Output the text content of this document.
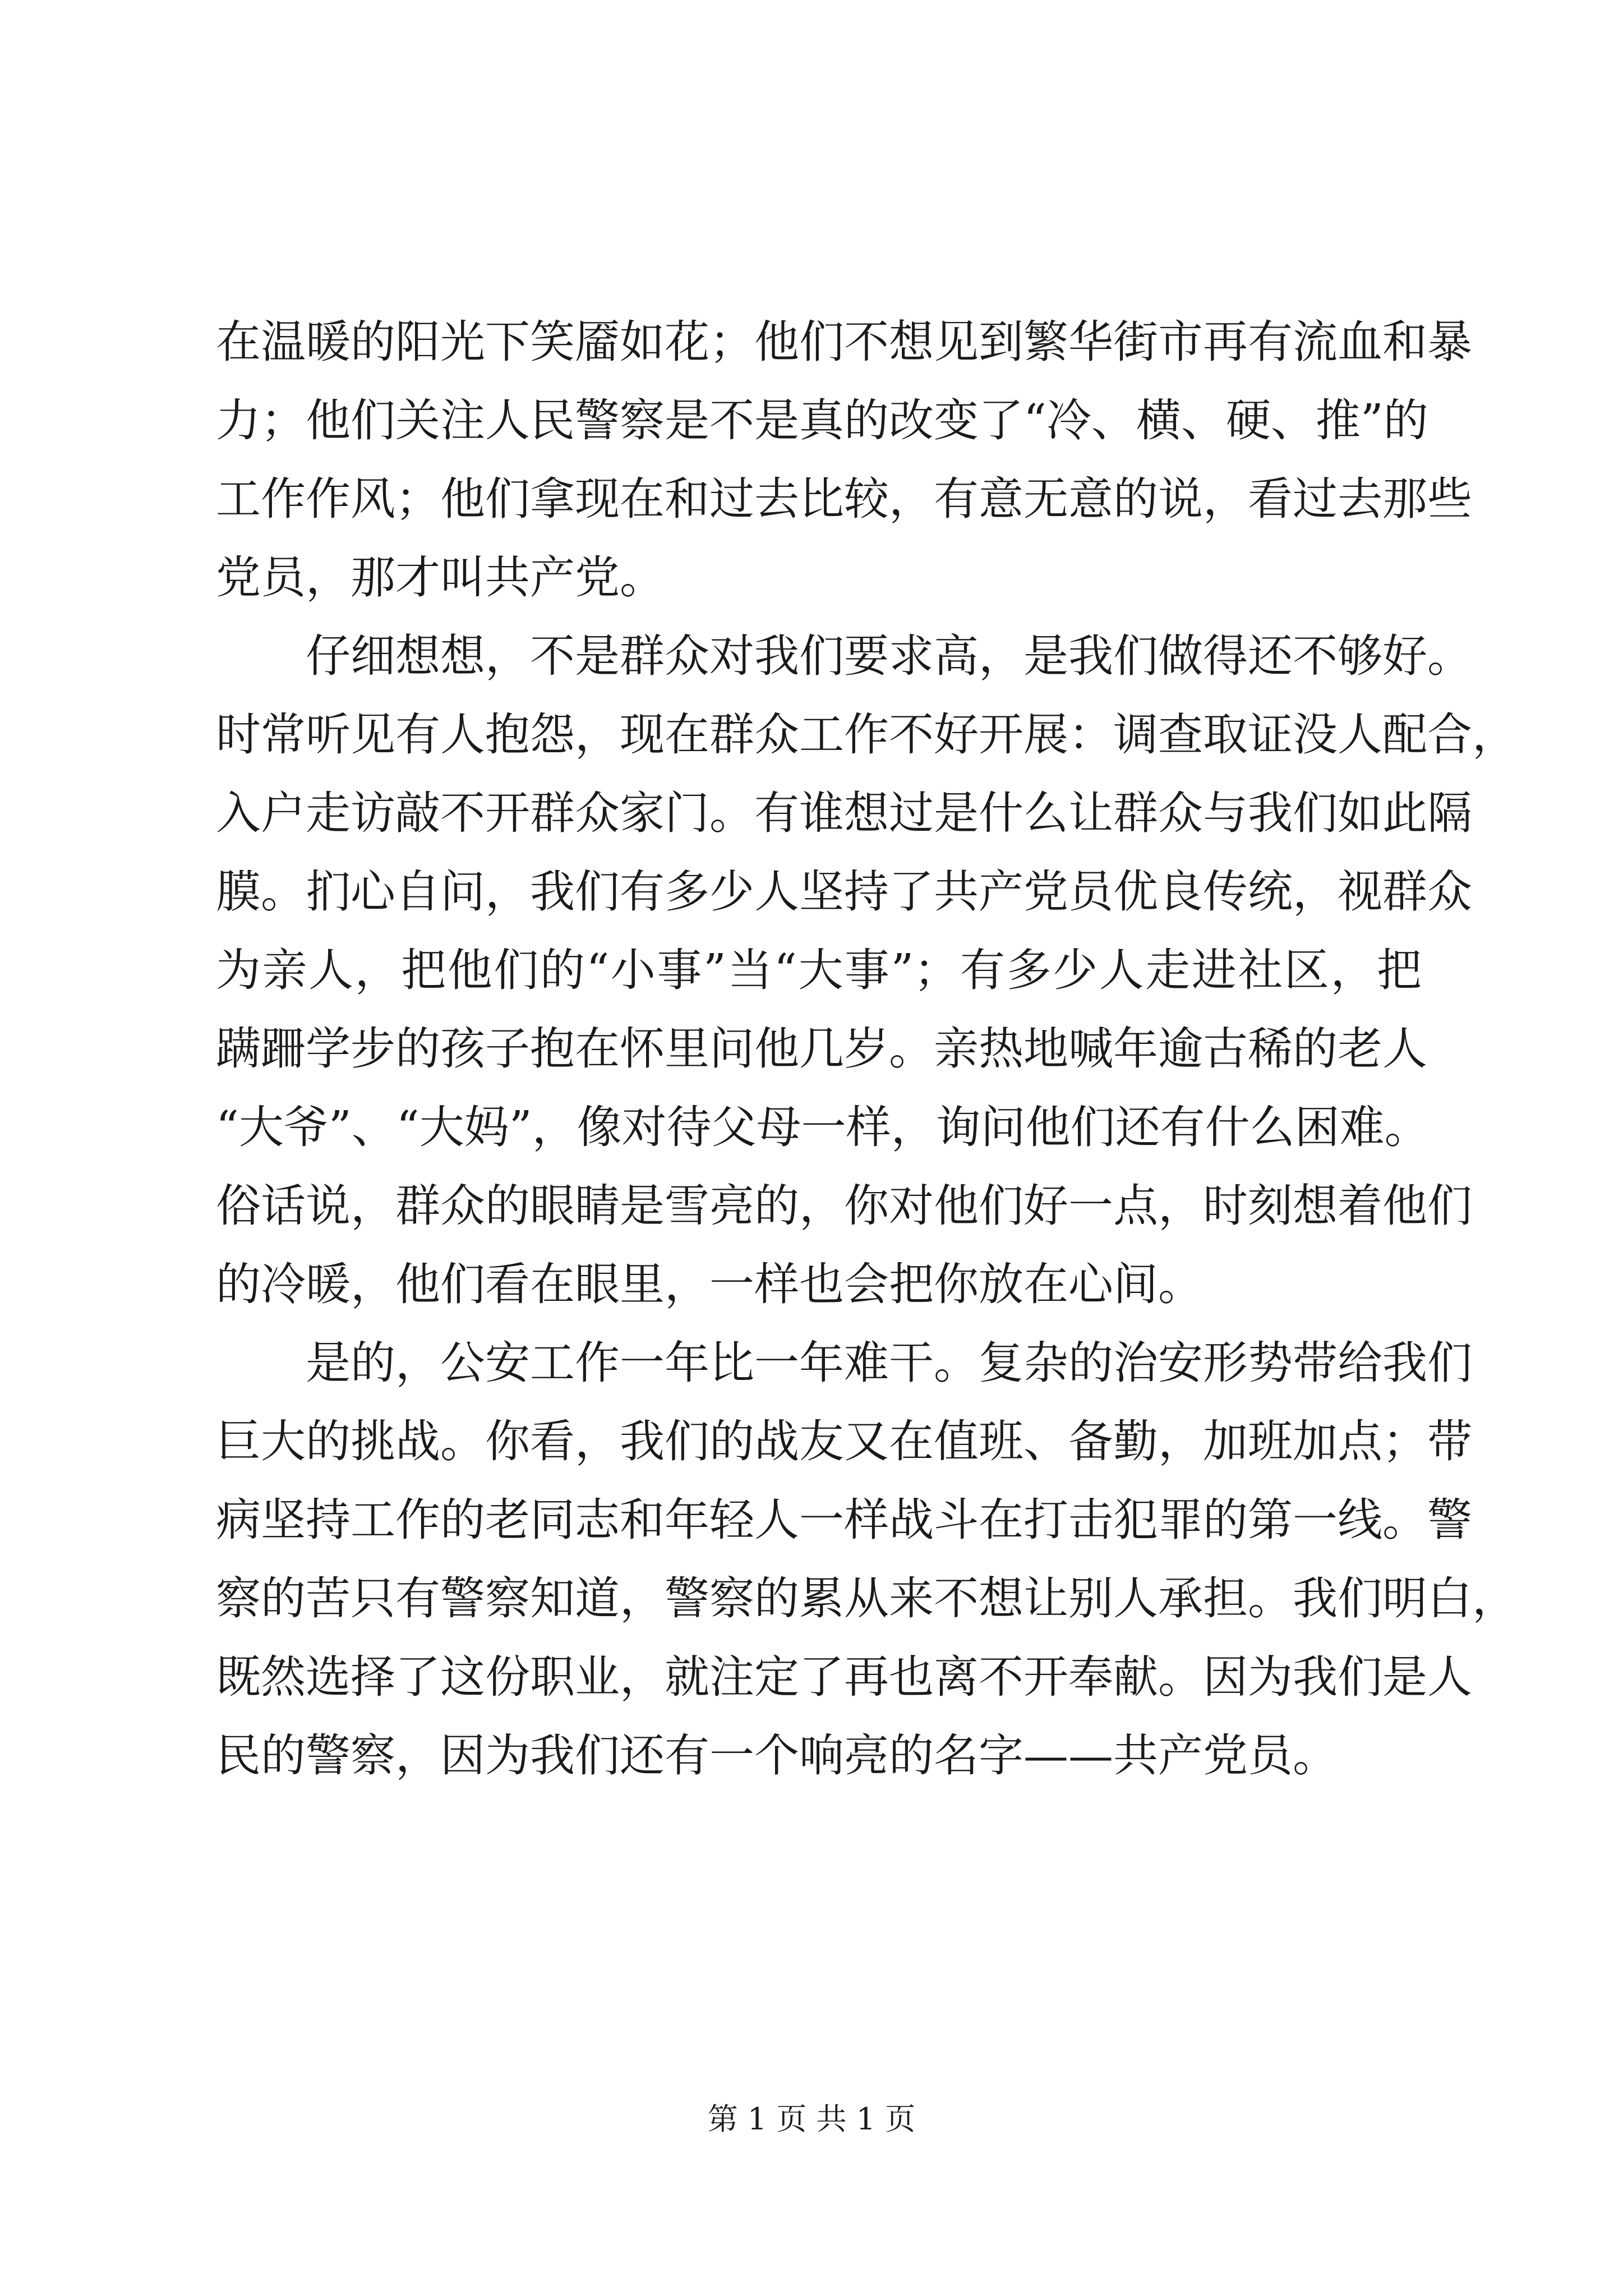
在温暖的阳光下笑靥如花；他们不想见到繁华街市再有流血和暴
力；他们关注人民警察是不是真的改变了“冷、横、硬、推”的
工作作风；他们拿现在和过去比较，有意无意的说，看过去那些
党员，那才叫共产党。

　　仔细想想，不是群众对我们要求高，是我们做得还不够好。
时常听见有人抱怨，现在群众工作不好开展：调查取证没人配合，
入户走访敲不开群众家门。有谁想过是什么让群众与我们如此隔
膜。扪心自问，我们有多少人坚持了共产党员优良传统，视群众
为亲人，把他们的“小事”当“大事”；有多少人走进社区，把
蹒跚学步的孩子抱在怀里问他几岁。亲热地喊年逾古稀的老人
“大爷”、“大妈”，像对待父母一样，询问他们还有什么困难。
俗话说，群众的眼睛是雪亮的，你对他们好一点，时刻想着他们
的冷暖，他们看在眼里，一样也会把你放在心间。

　　是的，公安工作一年比一年难干。复杂的治安形势带给我们
巨大的挑战。你看，我们的战友又在值班、备勤，加班加点；带
病坚持工作的老同志和年轻人一样战斗在打击犯罪的第一线。警
察的苦只有警察知道，警察的累从来不想让别人承担。我们明白，
既然选择了这份职业，就注定了再也离不开奉献。因为我们是人
民的警察，因为我们还有一个响亮的名字——共产党员。

第 1 页 共 1 页
